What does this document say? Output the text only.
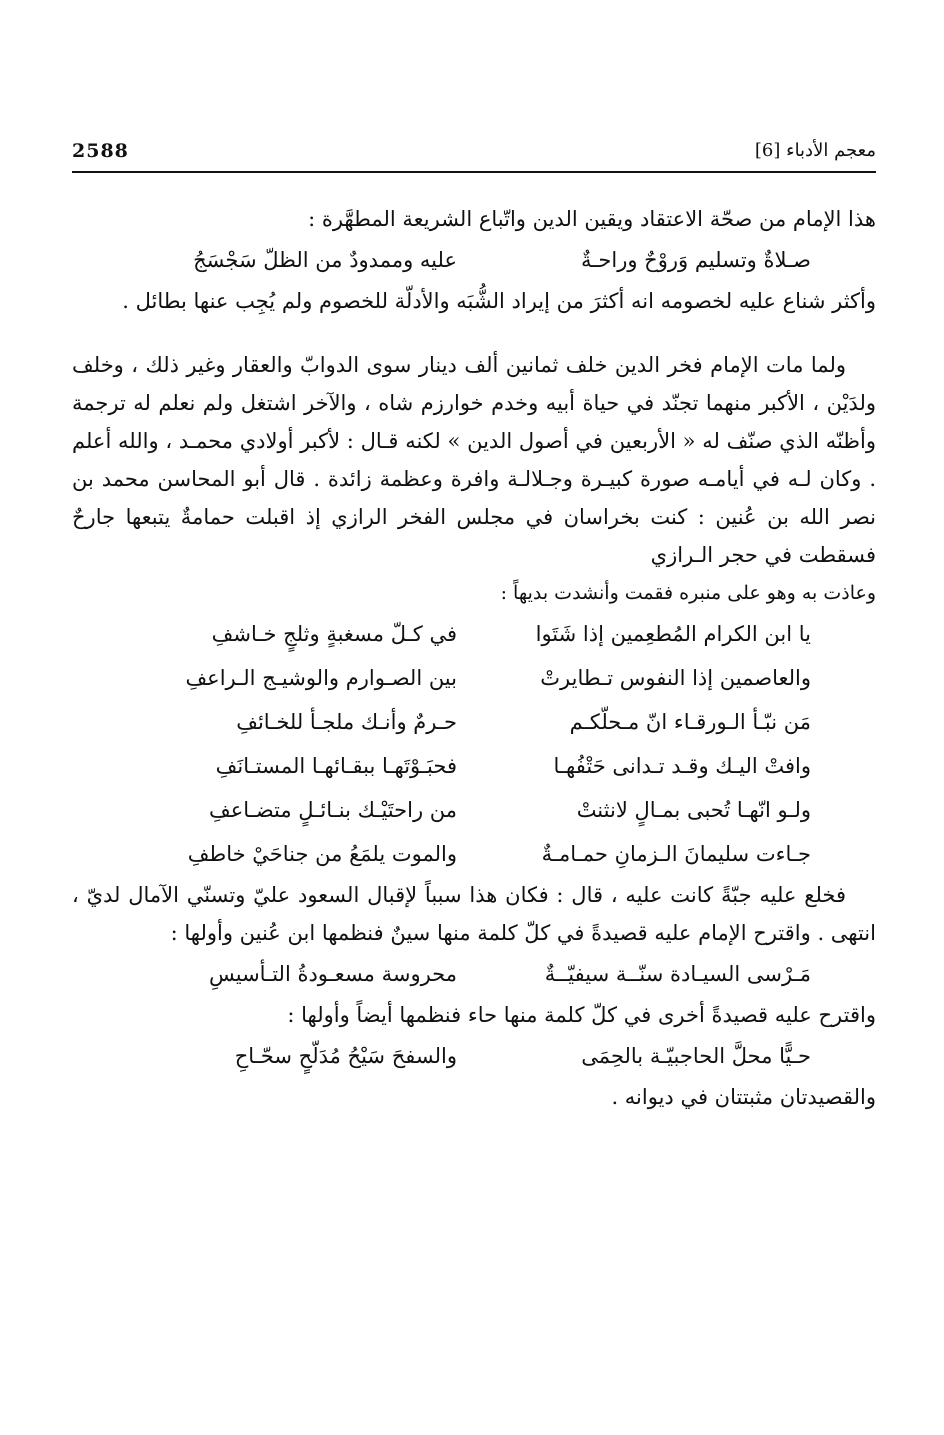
2588	معجم الأدباء [6]

هذا الإمام من صحّة الاعتقاد ويقين الدين واتّباع الشريعة المطهَّرة :

صـلاةٌ وتسليم وَروْحٌ وراحـةٌ
عليه وممدودٌ من الظلّ سَجْسَجُ

وأكثر شناع عليه لخصومه انه أكثرَ من إيراد الشُّبَه والأدلّة للخصوم ولم يُجِب عنها بطائل .

ولما مات الإمام فخر الدين خلف ثمانين ألف دينار سوى الدوابّ والعقار وغير ذلك ، وخلف ولدَيْن ، الأكبر منهما تجنّد في حياة أبيه وخدم خوارزم شاه ، والآخر اشتغل ولم نعلم له ترجمة وأظنّه الذي صنّف له « الأربعين في أصول الدين » لكنه قـال : لأكبر أولادي محمـد ، والله أعلم . وكان لـه في أيامـه صورة كبيـرة وجـلالـة وافرة وعظمة زائدة . قال أبو المحاسن محمد بن نصر الله بن عُنين : كنت بخراسان في مجلس الفخر الرازي إذ اقبلت حمامةٌ يتبعها جارحٌ فسقطت في حجر الـرازي

وعاذت به وهو على منبره فقمت وأنشدت بديهاً :

يا ابن الكرام المُطعِمين إذا شَتَوا
في كـلّ مسغبةٍ وثلجٍ خـاشفِ
والعاصمين إذا النفوس تـطايرتْ
بين الصـوارم والوشيـج الـراعفِ
مَن نبّـأ الـورقـاء انّ مـحلّكـم
حـرمٌ وأنـك ملجـأ للخـائفِ
وافتْ اليـك وقـد تـدانى حَتْفُهـا
فحبَـوْتَهـا ببقـائهـا المستـانَفِ
ولـو انّهـا تُحبى بمـالٍ لانثنتْ
من راحتَيْـك بنـائـلٍ متضـاعفِ
جـاءت سليمانَ الـزمانِ حمـامـةٌ
والموت يلمَعُ من جناحَيْ خاطفِ

فخلع عليه جبّةً كانت عليه ، قال : فكان هذا سبباً لإقبال السعود عليّ وتسنّي الآمال لديّ ، انتهى . واقترح الإمام عليه قصيدةً في كلّ كلمة منها سينٌ فنظمها ابن عُنين وأولها :

مَـرْسى السيـادة سنّــة سيفيّــةٌ
محروسة مسعـودةُ التـأسيسِ

واقترح عليه قصيدةً أخرى في كلّ كلمة منها حاء فنظمها أيضاً وأولها :

حـيًّا محلَّ الحاجبيّـة بالحِمَى
والسفحَ سَيْحُ مُدَلّحٍ سحّـاحِ

والقصيدتان مثبتتان في ديوانه .
